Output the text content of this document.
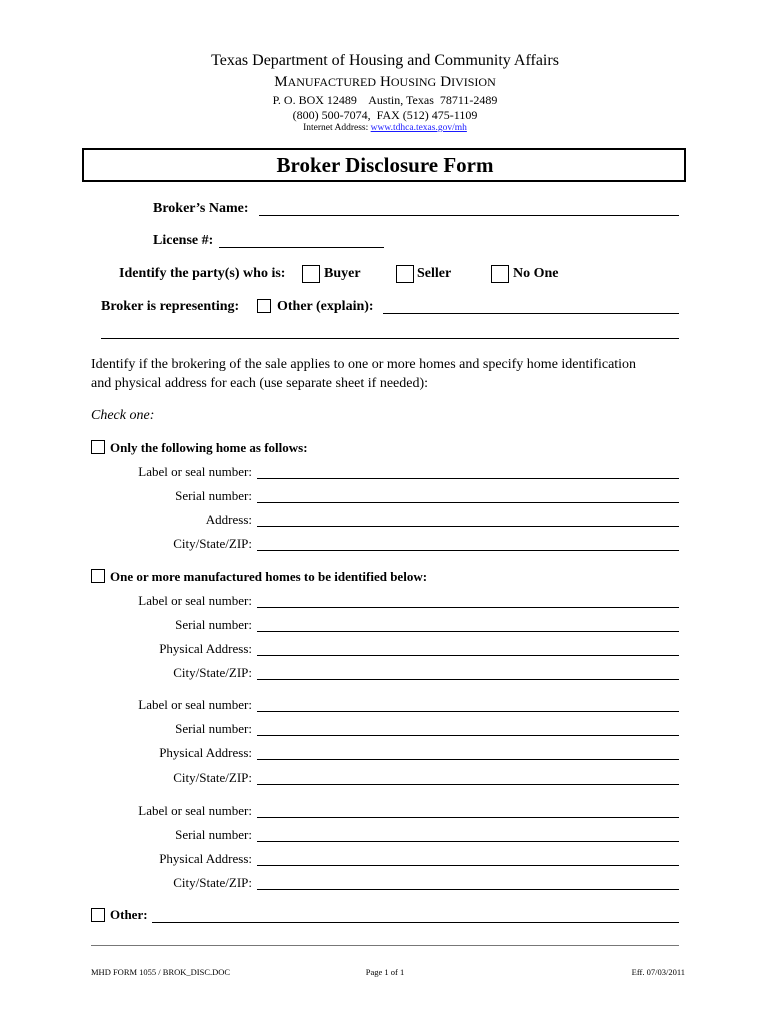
Texas Department of Housing and Community Affairs
MANUFACTURED HOUSING DIVISION
P. O. BOX 12489    Austin, Texas  78711-2489
(800) 500-7074,  FAX (512) 475-1109
Internet Address: www.tdhca.texas.gov/mh
Broker Disclosure Form
Broker’s Name:
License #:
Identify the party(s) who is:	Buyer	Seller	No One
Broker is representing:	Other (explain):
Identify if the brokering of the sale applies to one or more homes and specify home identification
and physical address for each (use separate sheet if needed):
Check one:
Only the following home as follows:
Label or seal number:
Serial number:
Address:
City/State/ZIP:
One or more manufactured homes to be identified below:
Label or seal number:
Serial number:
Physical Address:
City/State/ZIP:
Label or seal number:
Serial number:
Physical Address:
City/State/ZIP:
Label or seal number:
Serial number:
Physical Address:
City/State/ZIP:
Other:
MHD FORM 1055 / BROK_DISC.DOC	Page 1 of 1	Eff. 07/03/2011
